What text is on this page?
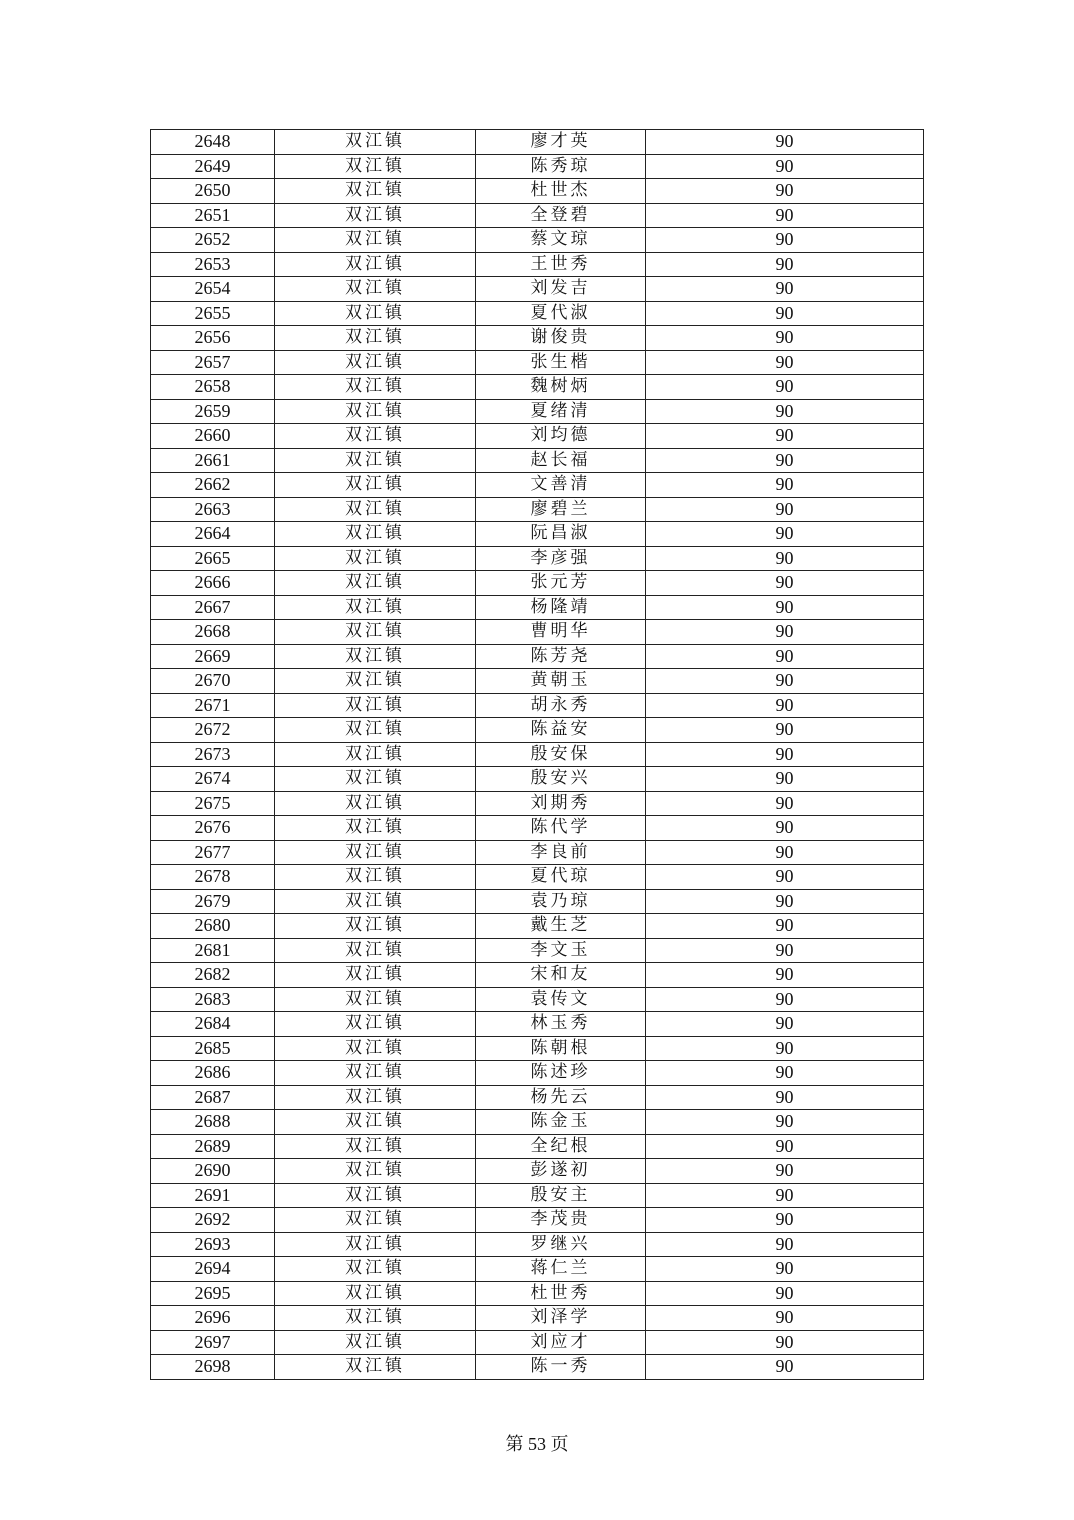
2648	双江镇	廖才英	90
2649	双江镇	陈秀琼	90
2650	双江镇	杜世杰	90
2651	双江镇	全登碧	90
2652	双江镇	蔡文琼	90
2653	双江镇	王世秀	90
2654	双江镇	刘发吉	90
2655	双江镇	夏代淑	90
2656	双江镇	谢俊贵	90
2657	双江镇	张生楷	90
2658	双江镇	魏树炳	90
2659	双江镇	夏绪清	90
2660	双江镇	刘均德	90
2661	双江镇	赵长福	90
2662	双江镇	文善清	90
2663	双江镇	廖碧兰	90
2664	双江镇	阮昌淑	90
2665	双江镇	李彦强	90
2666	双江镇	张元芳	90
2667	双江镇	杨隆靖	90
2668	双江镇	曹明华	90
2669	双江镇	陈芳尧	90
2670	双江镇	黄朝玉	90
2671	双江镇	胡永秀	90
2672	双江镇	陈益安	90
2673	双江镇	殷安保	90
2674	双江镇	殷安兴	90
2675	双江镇	刘期秀	90
2676	双江镇	陈代学	90
2677	双江镇	李良前	90
2678	双江镇	夏代琼	90
2679	双江镇	袁乃琼	90
2680	双江镇	戴生芝	90
2681	双江镇	李文玉	90
2682	双江镇	宋和友	90
2683	双江镇	袁传文	90
2684	双江镇	林玉秀	90
2685	双江镇	陈朝根	90
2686	双江镇	陈述珍	90
2687	双江镇	杨先云	90
2688	双江镇	陈金玉	90
2689	双江镇	全纪根	90
2690	双江镇	彭遂初	90
2691	双江镇	殷安主	90
2692	双江镇	李茂贵	90
2693	双江镇	罗继兴	90
2694	双江镇	蒋仁兰	90
2695	双江镇	杜世秀	90
2696	双江镇	刘泽学	90
2697	双江镇	刘应才	90
2698	双江镇	陈一秀	90
第 53 页
